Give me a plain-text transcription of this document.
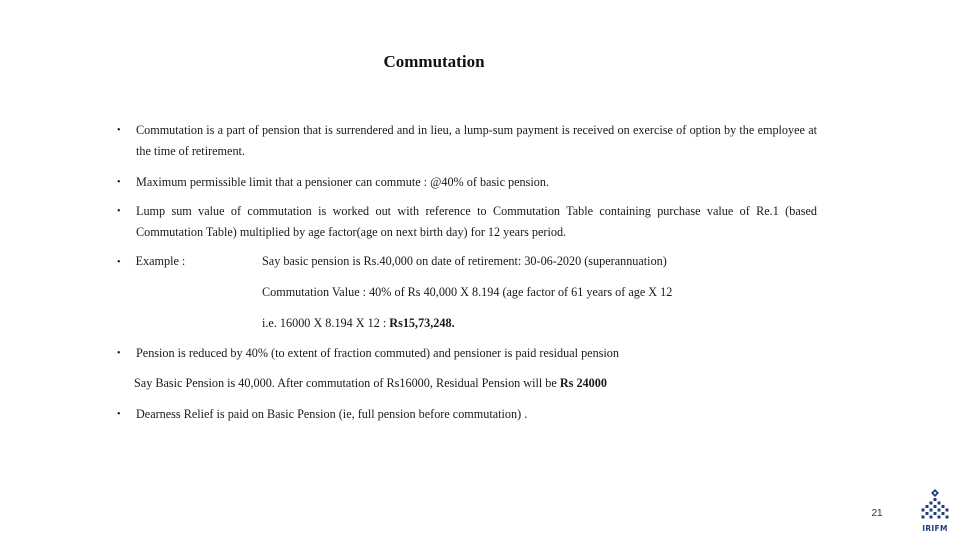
Commutation
•	Commutation is a part of pension that is surrendered and in lieu, a lump-sum payment is received on exercise of option by the employee at the time of retirement.
•	Maximum permissible limit that a pensioner can commute : @40% of basic pension.
•	Lump sum value of commutation is worked out with reference to Commutation Table containing purchase value of Re.1 (based Commutation Table) multiplied by age factor(age on next birth day) for 12 years period.
• Example :	Say basic pension is Rs.40,000 on date of retirement: 30-06-2020 (superannuation)
Commutation Value : 40% of Rs 40,000 X 8.194 (age factor of 61 years of age X 12
i.e. 16000 X 8.194 X 12 : Rs15,73,248.
•	Pension is reduced by 40% (to extent of fraction commuted) and pensioner is paid residual pension
Say Basic Pension is 40,000. After commutation of Rs16000, Residual Pension will be Rs 24000
•	Dearness Relief is paid on Basic Pension (ie, full pension before commutation) .
21
IRIFM
